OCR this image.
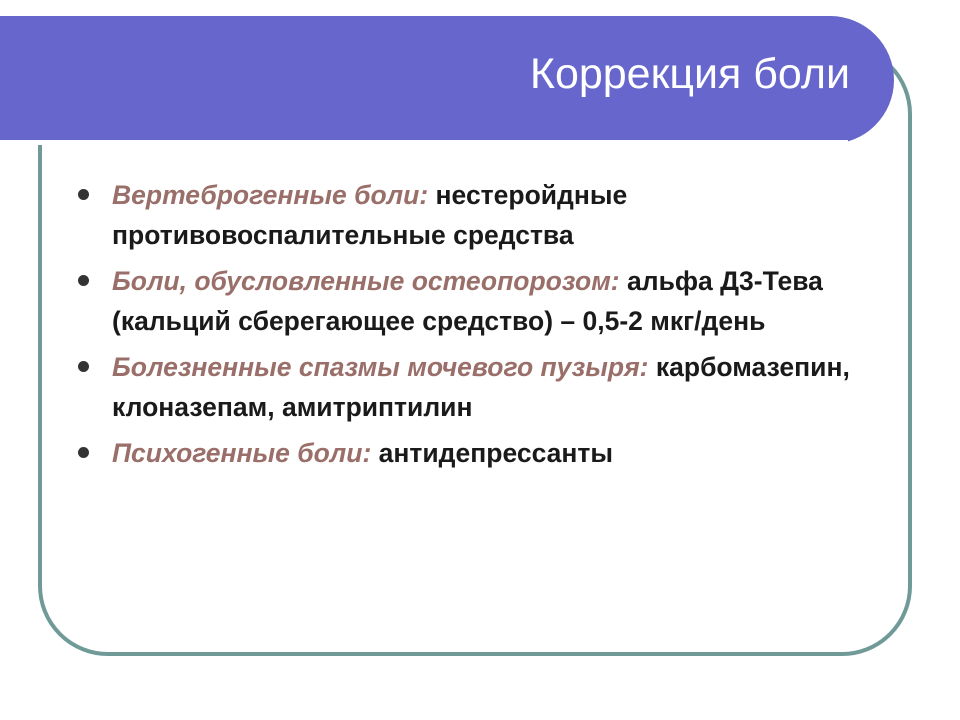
Коррекция боли
Вертеброгенные боли: нестеройдные противовоспалительные средства
Боли, обусловленные остеопорозом: альфа Д3-Тева (кальций сберегающее средство) – 0,5-2 мкг/день
Болезненные спазмы мочевого пузыря: карбомазепин, клоназепам, амитриптилин
Психогенные боли: антидепрессанты
